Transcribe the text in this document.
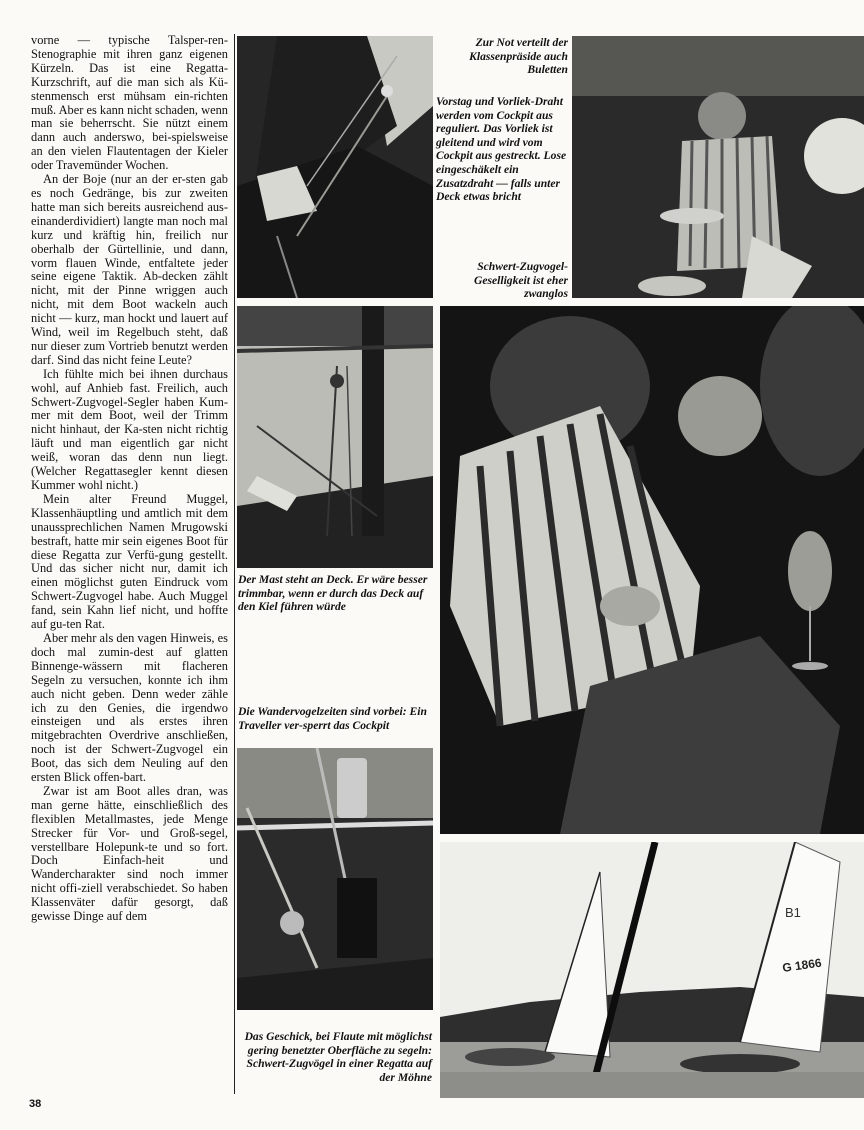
vorne — typische Talsper-ren-Stenographie mit ihren ganz eigenen Kürzeln. Das ist eine Regatta-Kurzschrift, auf die man sich als Kü-stenmensch erst mühsam ein-richten muß. Aber es kann nicht schaden, wenn man sie beherrscht. Sie nützt einem dann auch anderswo, bei-spielsweise an den vielen Flautentagen der Kieler oder Travemünder Wochen.

An der Boje (nur an der er-sten gab es noch Gedränge, bis zur zweiten hatte man sich bereits ausreichend aus-einanderdividiert) langte man noch mal kurz und kräftig hin, freilich nur oberhalb der Gürtellinie, und dann, vorm flauen Winde, entfaltete jeder seine eigene Taktik. Ab-decken zählt nicht, mit der Pinne wriggen auch nicht, mit dem Boot wackeln auch nicht — kurz, man hockt und lauert auf Wind, weil im Regelbuch steht, daß nur dieser zum Vortrieb benutzt werden darf. Sind das nicht feine Leute?

Ich fühlte mich bei ihnen durchaus wohl, auf Anhieb fast. Freilich, auch Schwert-Zugvogel-Segler haben Kum-mer mit dem Boot, weil der Trimm nicht hinhaut, der Ka-sten nicht richtig läuft und man eigentlich gar nicht weiß, woran das denn nun liegt. (Welcher Regattasegler kennt diesen Kummer wohl nicht.)

Mein alter Freund Muggel, Klassenhäuptling und amtlich mit dem unaussprechlichen Namen Mrugowski bestraft, hatte mir sein eigenes Boot für diese Regatta zur Verfü-gung gestellt. Und das sicher nicht nur, damit ich einen möglichst guten Eindruck vom Schwert-Zugvogel habe. Auch Muggel fand, sein Kahn lief nicht, und hoffte auf gu-ten Rat.

Aber mehr als den vagen Hinweis, es doch mal zumin-dest auf glatten Binnenge-wässern mit flacheren Segeln zu versuchen, konnte ich ihm auch nicht geben. Denn weder zähle ich zu den Genies, die irgendwo einsteigen und als erstes ihren mitgebrachten Overdrive anschließen, noch ist der Schwert-Zugvogel ein Boot, das sich dem Neuling auf den ersten Blick offen-bart.

Zwar ist am Boot alles dran, was man gerne hätte, einschließlich des flexiblen Metallmastes, jede Menge Strecker für Vor- und Groß-segel, verstellbare Holepunk-te und so fort. Doch Einfach-heit und Wandercharakter sind noch immer nicht offi-ziell verabschiedet. So haben Klassenväter dafür gesorgt, daß gewisse Dinge auf dem

Zur Not verteilt der Klassenpräside auch Buletten

Vorstag und Vorliek-Draht werden vom Cockpit aus reguliert. Das Vorliek ist gleitend und wird vom Cockpit aus gestreckt. Lose eingeschäkelt ein Zusatzdraht — falls unter Deck etwas bricht

Schwert-Zugvogel-Geselligkeit ist eher zwanglos

Der Mast steht an Deck. Er wäre besser trimmbar, wenn er durch das Deck auf den Kiel führen würde

Die Wandervogelzeiten sind vorbei: Ein Traveller ver-sperrt das Cockpit

B1
G 1866

Das Geschick, bei Flaute mit möglichst gering benetzter Oberfläche zu segeln: Schwert-Zugvögel in einer Regatta auf der Möhne

38
